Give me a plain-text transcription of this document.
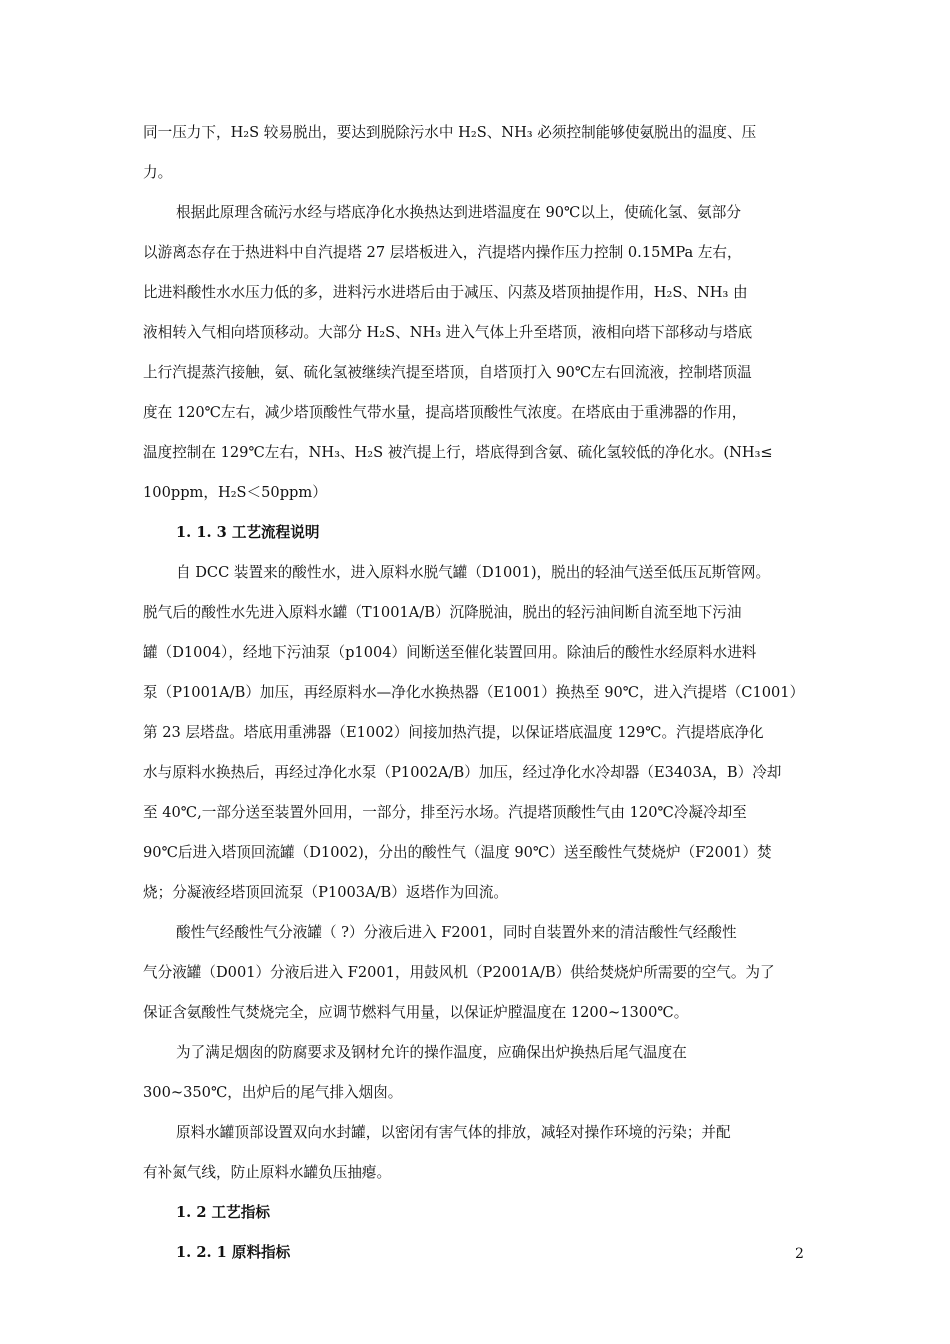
同一压力下，H₂S 较易脱出，要达到脱除污水中 H₂S、NH₃ 必须控制能够使氨脱出的温度、压
力。
根据此原理含硫污水经与塔底净化水换热达到进塔温度在 90℃以上，使硫化氢、氨部分
以游离态存在于热进料中自汽提塔 27 层塔板进入，汽提塔内操作压力控制 0.15MPa 左右，
比进料酸性水水压力低的多，进料污水进塔后由于减压、闪蒸及塔顶抽提作用，H₂S、NH₃ 由
液相转入气相向塔顶移动。大部分 H₂S、NH₃ 进入气体上升至塔顶，液相向塔下部移动与塔底
上行汽提蒸汽接触，氨、硫化氢被继续汽提至塔顶，自塔顶打入 90℃左右回流液，控制塔顶温
度在 120℃左右，减少塔顶酸性气带水量，提高塔顶酸性气浓度。在塔底由于重沸器的作用，
温度控制在 129℃左右，NH₃、H₂S 被汽提上行，塔底得到含氨、硫化氢较低的净化水。(NH₃≤
100ppm，H₂S＜50ppm）
1. 1. 3 工艺流程说明
自 DCC 装置来的酸性水，进入原料水脱气罐（D1001)，脱出的轻油气送至低压瓦斯管网。
脱气后的酸性水先进入原料水罐（T1001A/B）沉降脱油，脱出的轻污油间断自流至地下污油
罐（D1004），经地下污油泵（p1004）间断送至催化装置回用。除油后的酸性水经原料水进料
泵（P1001A/B）加压，再经原料水—净化水换热器（E1001）换热至 90℃，进入汽提塔（C1001）
第 23 层塔盘。塔底用重沸器（E1002）间接加热汽提，以保证塔底温度 129℃。汽提塔底净化
水与原料水换热后，再经过净化水泵（P1002A/B）加压，经过净化水冷却器（E3403A，B）冷却
至 40℃,一部分送至装置外回用，一部分，排至污水场。汽提塔顶酸性气由 120℃冷凝冷却至
90℃后进入塔顶回流罐（D1002)，分出的酸性气（温度 90℃）送至酸性气焚烧炉（F2001）焚
烧；分凝液经塔顶回流泵（P1003A/B）返塔作为回流。
酸性气经酸性气分液罐（ ?）分液后进入 F2001，同时自装置外来的清洁酸性气经酸性
气分液罐（D001）分液后进入 F2001，用鼓风机（P2001A/B）供给焚烧炉所需要的空气。为了
保证含氨酸性气焚烧完全，应调节燃料气用量，以保证炉膛温度在 1200~1300℃。
为了满足烟囱的防腐要求及钢材允许的操作温度，应确保出炉换热后尾气温度在
300~350℃，出炉后的尾气排入烟囱。
原料水罐顶部设置双向水封罐，以密闭有害气体的排放，减轻对操作环境的污染；并配
有补氮气线，防止原料水罐负压抽瘪。
1. 2 工艺指标
1. 2. 1 原料指标	2
